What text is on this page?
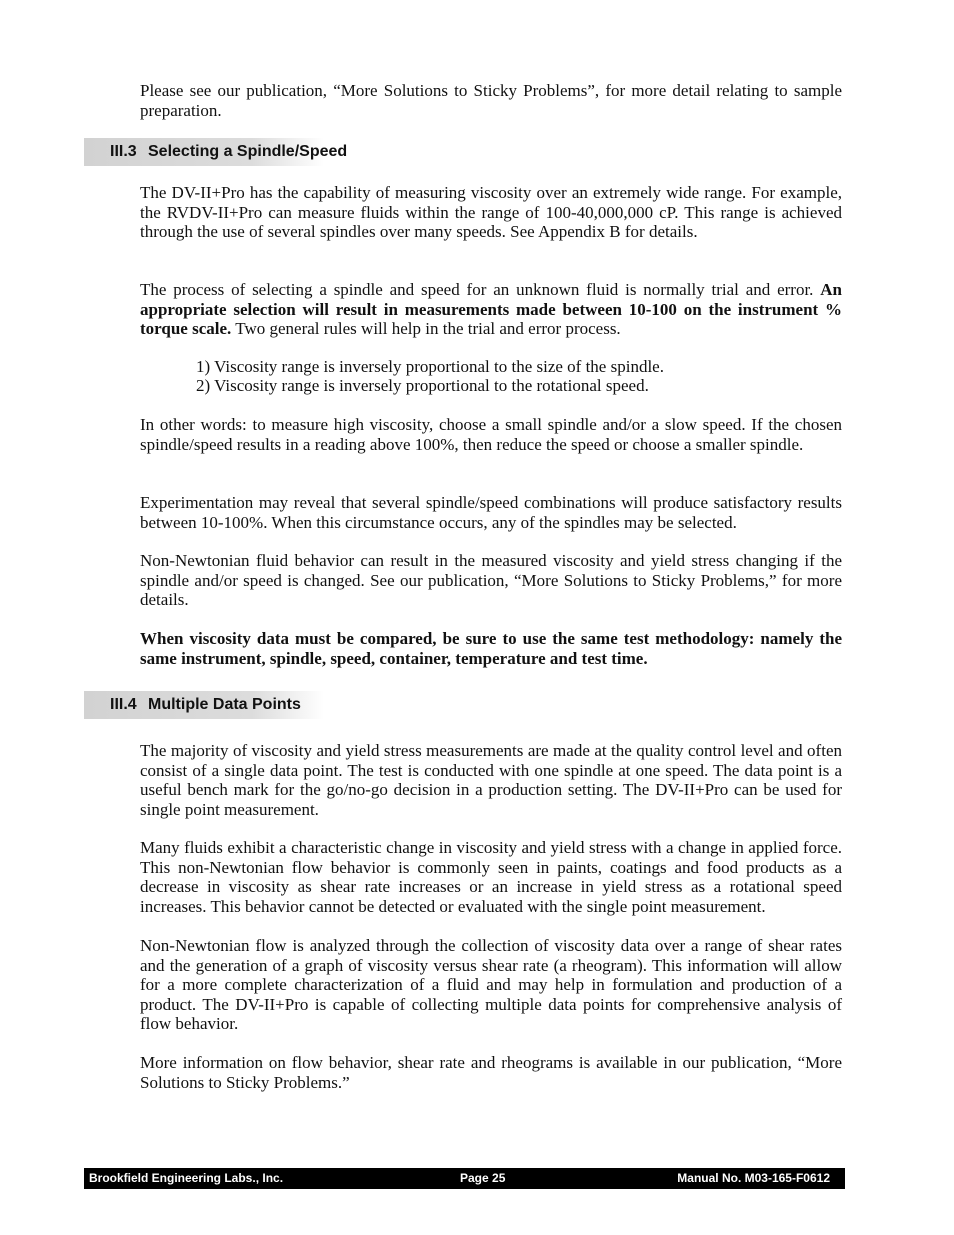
Please see our publication, “More Solutions to Sticky Problems”, for more detail relating to sample preparation.

III.3 Selecting a Spindle/Speed

The DV-II+Pro has the capability of measuring viscosity over an extremely wide range. For example, the RVDV-II+Pro can measure fluids within the range of 100-40,000,000 cP. This range is achieved through the use of several spindles over many speeds. See Appendix B for details.

The process of selecting a spindle and speed for an unknown fluid is normally trial and error. An appropriate selection will result in measurements made between 10-100 on the instrument % torque scale. Two general rules will help in the trial and error process.

1) Viscosity range is inversely proportional to the size of the spindle.
2) Viscosity range is inversely proportional to the rotational speed.

In other words: to measure high viscosity, choose a small spindle and/or a slow speed. If the chosen spindle/speed results in a reading above 100%, then reduce the speed or choose a smaller spindle.

Experimentation may reveal that several spindle/speed combinations will produce satisfactory results between 10-100%. When this circumstance occurs, any of the spindles may be selected.

Non-Newtonian fluid behavior can result in the measured viscosity and yield stress changing if the spindle and/or speed is changed. See our publication, “More Solutions to Sticky Problems,” for more details.

When viscosity data must be compared, be sure to use the same test methodology: namely the same instrument, spindle, speed, container, temperature and test time.

III.4 Multiple Data Points

The majority of viscosity and yield stress measurements are made at the quality control level and often consist of a single data point. The test is conducted with one spindle at one speed. The data point is a useful bench mark for the go/no-go decision in a production setting. The DV-II+Pro can be used for single point measurement.

Many fluids exhibit a characteristic change in viscosity and yield stress with a change in applied force. This non-Newtonian flow behavior is commonly seen in paints, coatings and food products as a decrease in viscosity as shear rate increases or an increase in yield stress as a rotational speed increases. This behavior cannot be detected or evaluated with the single point measurement.

Non-Newtonian flow is analyzed through the collection of viscosity data over a range of shear rates and the generation of a graph of viscosity versus shear rate (a rheogram). This information will allow for a more complete characterization of a fluid and may help in formulation and production of a product. The DV-II+Pro is capable of collecting multiple data points for comprehensive analysis of flow behavior.

More information on flow behavior, shear rate and rheograms is available in our publication, “More Solutions to Sticky Problems.”

Brookfield Engineering Labs., Inc.	Page 25	Manual No. M03-165-F0612
